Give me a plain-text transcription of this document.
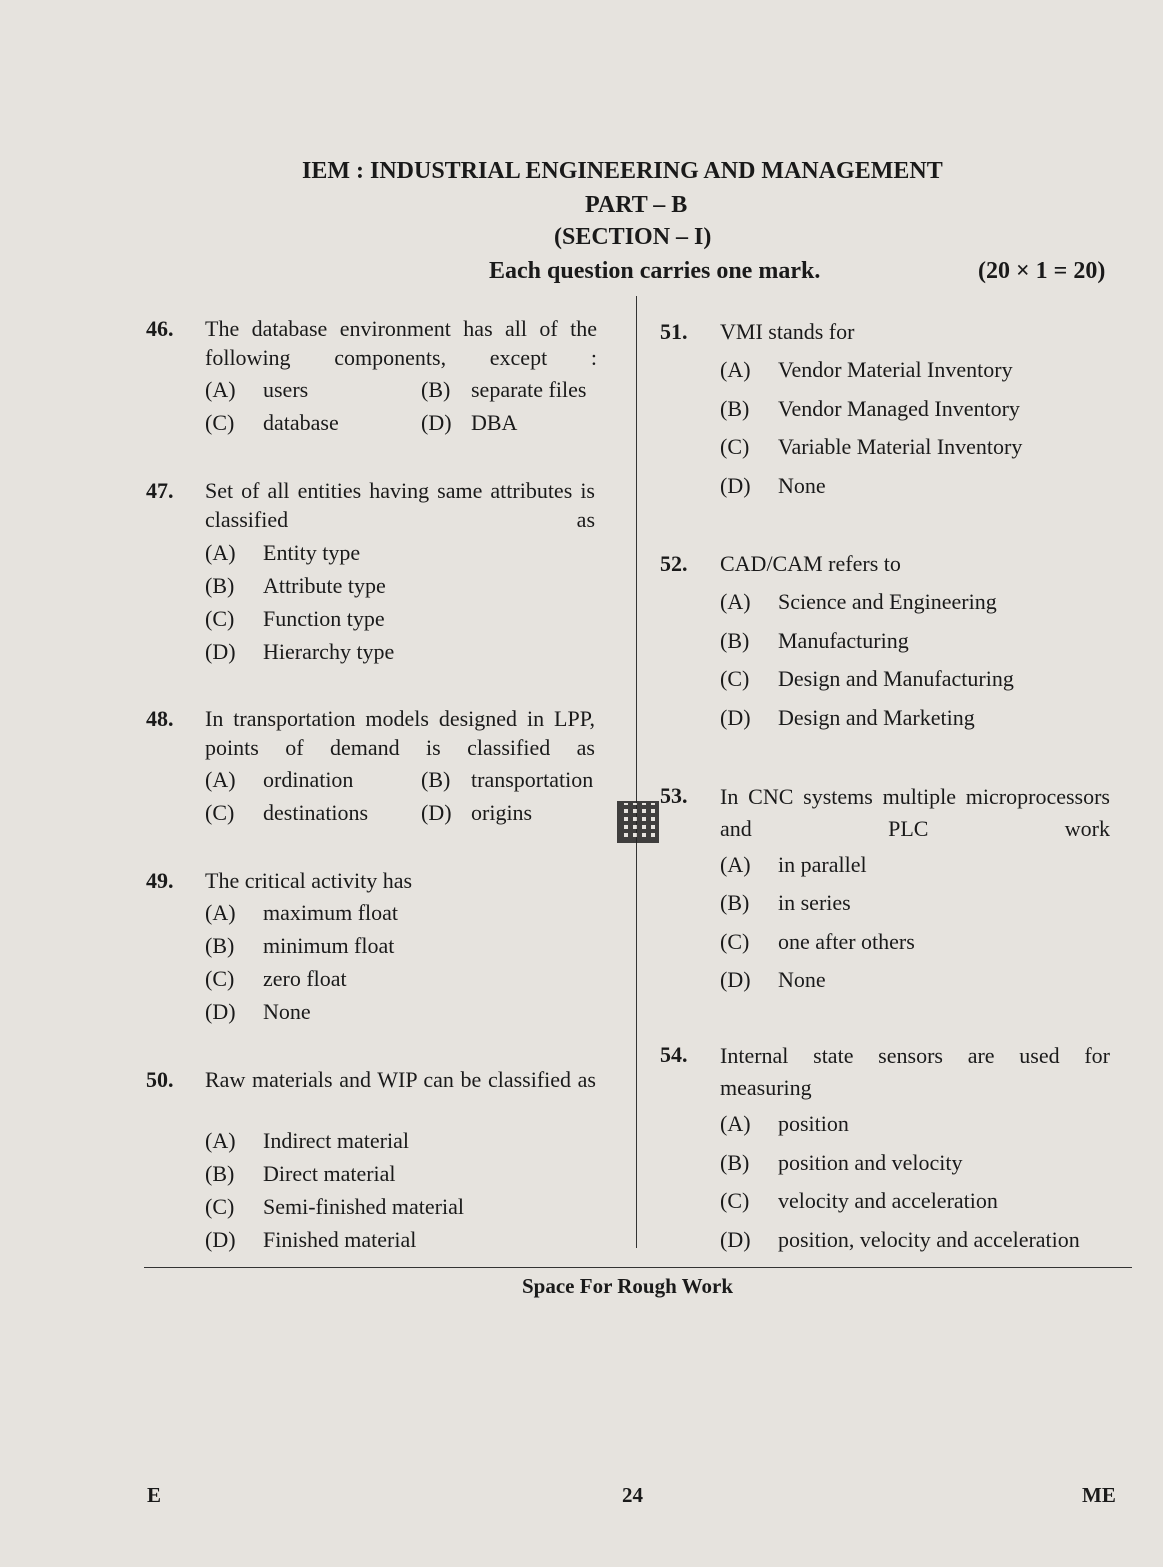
IEM : INDUSTRIAL ENGINEERING AND MANAGEMENT
PART – B
(SECTION – I)
Each question carries one mark.	(20 × 1 = 20)
46. The database environment has all of the following components, except :
(A) users	(B) separate files
(C) database	(D) DBA
47. Set of all entities having same attributes is classified as
(A) Entity type
(B) Attribute type
(C) Function type
(D) Hierarchy type
48. In transportation models designed in LPP, points of demand is classified as
(A) ordination	(B) transportation
(C) destinations (D) origins
49. The critical activity has
(A) maximum float
(B) minimum float
(C) zero float
(D) None
50. Raw materials and WIP can be classified as
(A) Indirect material
(B) Direct material
(C) Semi-finished material
(D) Finished material
51. VMI stands for
(A) Vendor Material Inventory
(B) Vendor Managed Inventory
(C) Variable Material Inventory
(D) None
52. CAD/CAM refers to
(A) Science and Engineering
(B) Manufacturing
(C) Design and Manufacturing
(D) Design and Marketing
53. In CNC systems multiple microprocessors and PLC work
(A) in parallel
(B) in series
(C) one after others
(D) None
54. Internal state sensors are used for measuring
(A) position
(B) position and velocity
(C) velocity and acceleration
(D) position, velocity and acceleration
Space For Rough Work
E	24	ME
